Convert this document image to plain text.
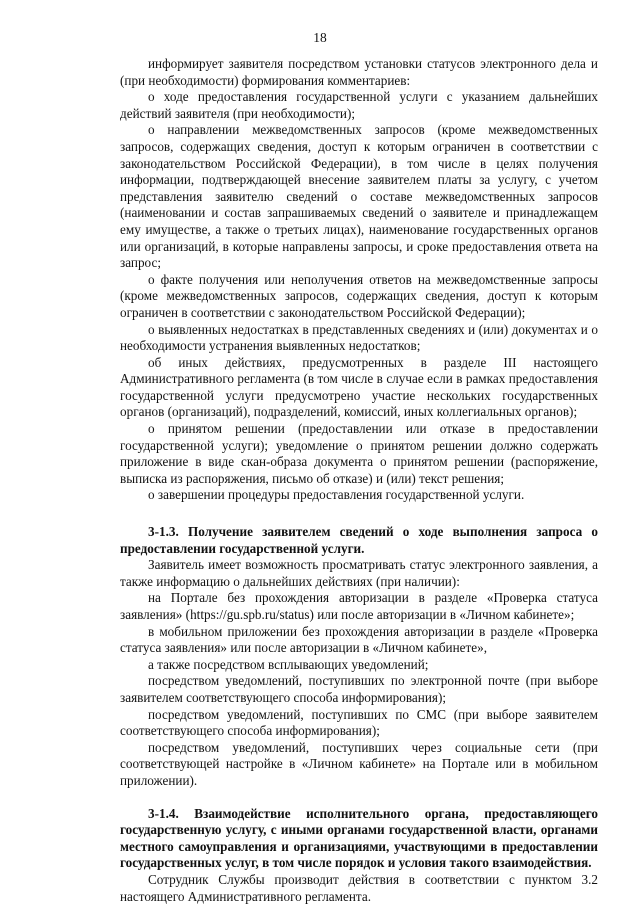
18

информирует заявителя посредством установки статусов электронного дела и (при необходимости) формирования комментариев:

о ходе предоставления государственной услуги с указанием дальнейших действий заявителя (при необходимости);

о направлении межведомственных запросов (кроме межведомственных запросов, содержащих сведения, доступ к которым ограничен в соответствии с законодательством Российской Федерации), в том числе в целях получения информации, подтверждающей внесение заявителем платы за услугу, с учетом представления заявителю сведений о составе межведомственных запросов (наименовании и состав запрашиваемых сведений о заявителе и принадлежащем ему имуществе, а также о третьих лицах), наименование государственных органов или организаций, в которые направлены запросы, и сроке предоставления ответа на запрос;

о факте получения или неполучения ответов на межведомственные запросы (кроме межведомственных запросов, содержащих сведения, доступ к которым ограничен в соответствии с законодательством Российской Федерации);

о выявленных недостатках в представленных сведениях и (или) документах и о необходимости устранения выявленных недостатков;

об иных действиях, предусмотренных в разделе III настоящего Административного регламента (в том числе в случае если в рамках предоставления государственной услуги предусмотрено участие нескольких государственных органов (организаций), подразделений, комиссий, иных коллегиальных органов);

о принятом решении (предоставлении или отказе в предоставлении государственной услуги); уведомление о принятом решении должно содержать приложение в виде скан-образа документа о принятом решении (распоряжение, выписка из распоряжения, письмо об отказе) и (или) текст решения;

о завершении процедуры предоставления государственной услуги.

3-1.3. Получение заявителем сведений о ходе выполнения запроса о предоставлении государственной услуги.

Заявитель имеет возможность просматривать статус электронного заявления, а также информацию о дальнейших действиях (при наличии):

на Портале без прохождения авторизации в разделе «Проверка статуса заявления» (https://gu.spb.ru/status) или после авторизации в «Личном кабинете»;

в мобильном приложении без прохождения авторизации в разделе «Проверка статуса заявления» или после авторизации в «Личном кабинете»,

а также посредством всплывающих уведомлений;

посредством уведомлений, поступивших по электронной почте (при выборе заявителем соответствующего способа информирования);

посредством уведомлений, поступивших по СМС (при выборе заявителем соответствующего способа информирования);

посредством уведомлений, поступивших через социальные сети (при соответствующей настройке в «Личном кабинете» на Портале или в мобильном приложении).

3-1.4. Взаимодействие исполнительного органа, предоставляющего государственную услугу, с иными органами государственной власти, органами местного самоуправления и организациями, участвующими в предоставлении государственных услуг, в том числе порядок и условия такого взаимодействия.

Сотрудник Службы производит действия в соответствии с пунктом 3.2 настоящего Административного регламента.
